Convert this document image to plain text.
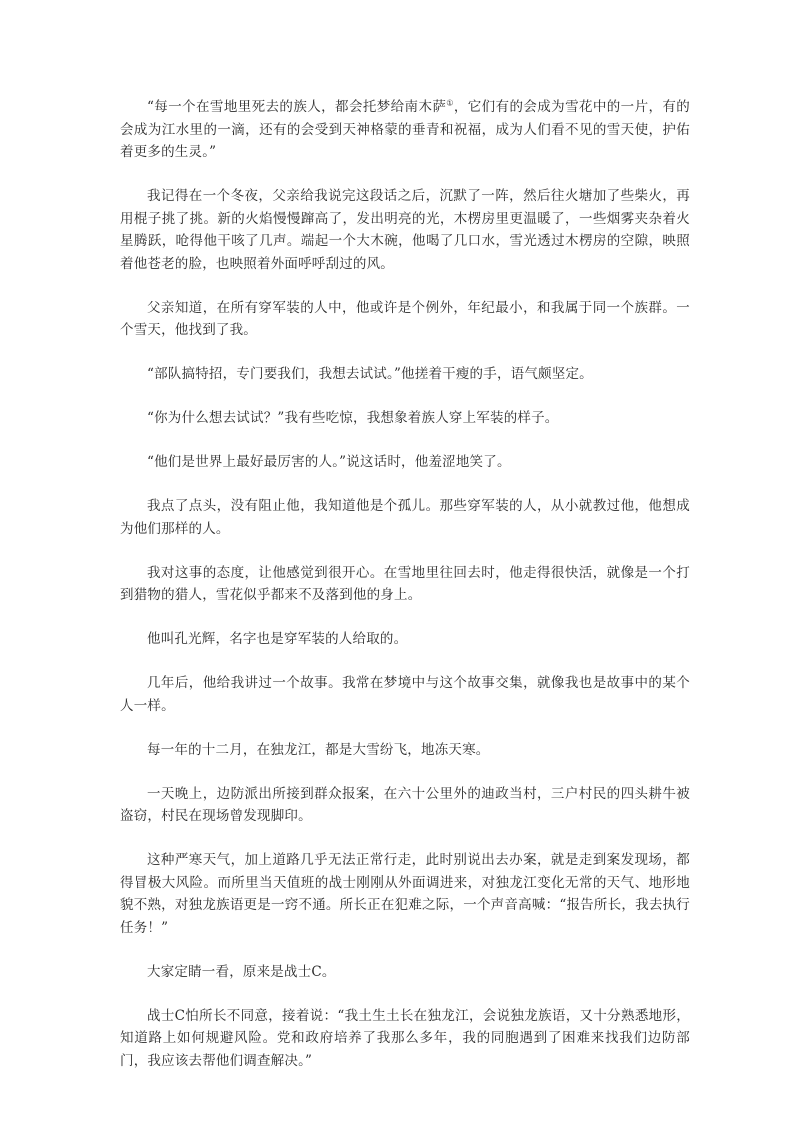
“每一个在雪地里死去的族人，都会托梦给南木萨①，它们有的会成为雪花中的一片，有的会成为江水里的一滴，还有的会受到天神格蒙的垂青和祝福，成为人们看不见的雪天使，护佑着更多的生灵。”

我记得在一个冬夜，父亲给我说完这段话之后，沉默了一阵，然后往火塘加了些柴火，再用棍子挑了挑。新的火焰慢慢蹿高了，发出明亮的光，木楞房里更温暖了，一些烟雾夹杂着火星腾跃，呛得他干咳了几声。端起一个大木碗，他喝了几口水，雪光透过木楞房的空隙，映照着他苍老的脸，也映照着外面呼呼刮过的风。

父亲知道，在所有穿军装的人中，他或许是个例外，年纪最小，和我属于同一个族群。一个雪天，他找到了我。

“部队搞特招，专门要我们，我想去试试。”他搓着干瘦的手，语气颇坚定。

“你为什么想去试试？”我有些吃惊，我想象着族人穿上军装的样子。

“他们是世界上最好最厉害的人。”说这话时，他羞涩地笑了。

我点了点头，没有阻止他，我知道他是个孤儿。那些穿军装的人，从小就教过他，他想成为他们那样的人。

我对这事的态度，让他感觉到很开心。在雪地里往回去时，他走得很快活，就像是一个打到猎物的猎人，雪花似乎都来不及落到他的身上。

他叫孔光辉，名字也是穿军装的人给取的。

几年后，他给我讲过一个故事。我常在梦境中与这个故事交集，就像我也是故事中的某个人一样。

每一年的十二月，在独龙江，都是大雪纷飞，地冻天寒。

一天晚上，边防派出所接到群众报案，在六十公里外的迪政当村，三户村民的四头耕牛被盗窃，村民在现场曾发现脚印。

这种严寒天气，加上道路几乎无法正常行走，此时别说出去办案，就是走到案发现场，都得冒极大风险。而所里当天值班的战士刚刚从外面调进来，对独龙江变化无常的天气、地形地貌不熟，对独龙族语更是一窍不通。所长正在犯难之际，一个声音高喊：“报告所长，我去执行任务！”

大家定睛一看，原来是战士C。

战士C怕所长不同意，接着说：“我土生土长在独龙江，会说独龙族语，又十分熟悉地形，知道路上如何规避风险。党和政府培养了我那么多年，我的同胞遇到了困难来找我们边防部门，我应该去帮他们调查解决。”
